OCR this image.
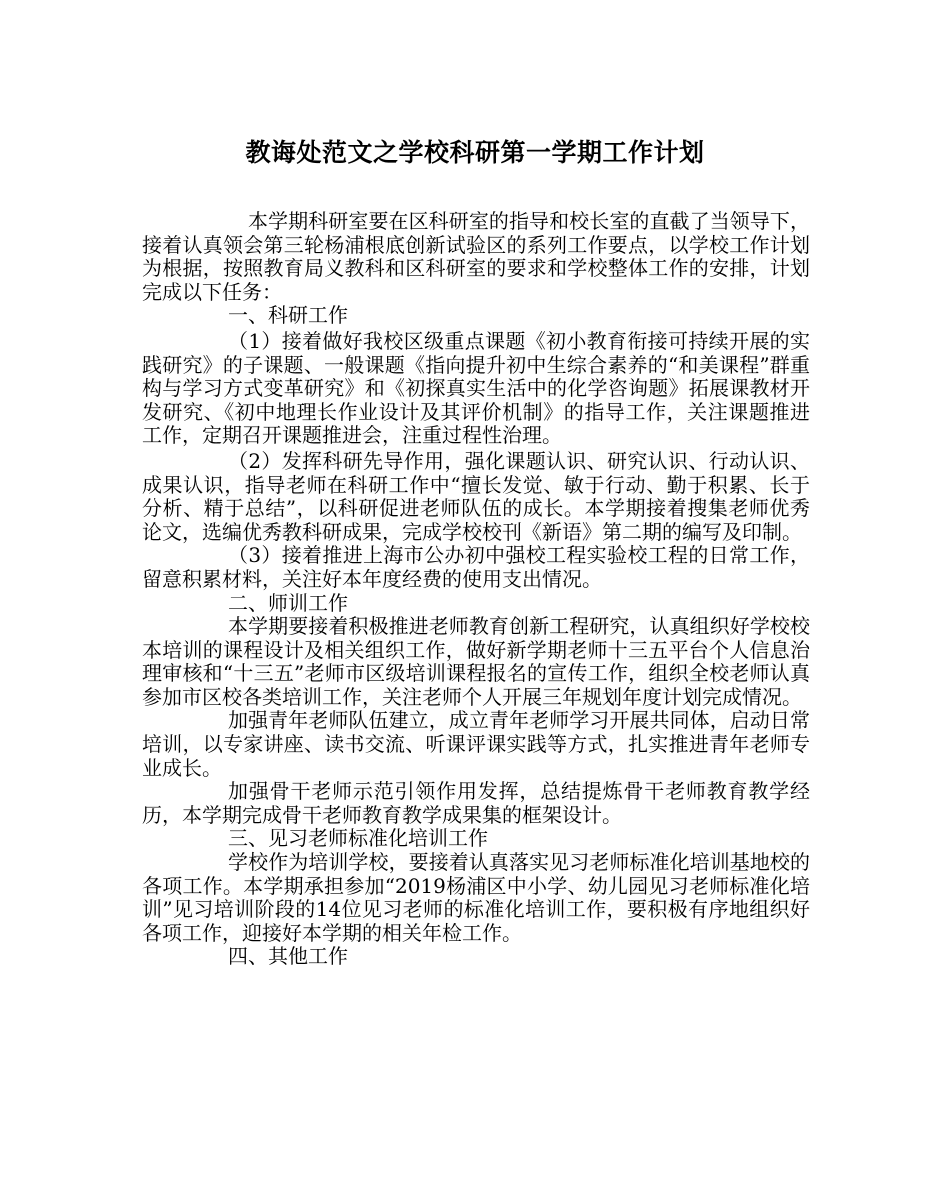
教诲处范文之学校科研第一学期工作计划

本学期科研室要在区科研室的指导和校长室的直截了当领导下，接着认真领会第三轮杨浦根底创新试验区的系列工作要点，以学校工作计划为根据，按照教育局义教科和区科研室的要求和学校整体工作的安排，计划完成以下任务：

一、科研工作

（1）接着做好我校区级重点课题《初小教育衔接可持续开展的实践研究》的子课题、一般课题《指向提升初中生综合素养的“和美课程”群重构与学习方式变革研究》和《初探真实生活中的化学咨询题》拓展课教材开发研究、《初中地理长作业设计及其评价机制》的指导工作，关注课题推进工作，定期召开课题推进会，注重过程性治理。

（2）发挥科研先导作用，强化课题认识、研究认识、行动认识、成果认识，指导老师在科研工作中“擅长发觉、敏于行动、勤于积累、长于分析、精于总结”，以科研促进老师队伍的成长。本学期接着搜集老师优秀论文，选编优秀教科研成果，完成学校校刊《新语》第二期的编写及印制。

（3）接着推进上海市公办初中强校工程实验校工程的日常工作，留意积累材料，关注好本年度经费的使用支出情况。

二、师训工作

本学期要接着积极推进老师教育创新工程研究，认真组织好学校校本培训的课程设计及相关组织工作，做好新学期老师十三五平台个人信息治理审核和“十三五”老师市区级培训课程报名的宣传工作，组织全校老师认真参加市区校各类培训工作，关注老师个人开展三年规划年度计划完成情况。

加强青年老师队伍建立，成立青年老师学习开展共同体，启动日常培训，以专家讲座、读书交流、听课评课实践等方式，扎实推进青年老师专业成长。

加强骨干老师示范引领作用发挥，总结提炼骨干老师教育教学经历，本学期完成骨干老师教育教学成果集的框架设计。

三、见习老师标准化培训工作

学校作为培训学校，要接着认真落实见习老师标准化培训基地校的各项工作。本学期承担参加“2019杨浦区中小学、幼儿园见习老师标准化培训”见习培训阶段的14位见习老师的标准化培训工作，要积极有序地组织好各项工作，迎接好本学期的相关年检工作。

四、其他工作
